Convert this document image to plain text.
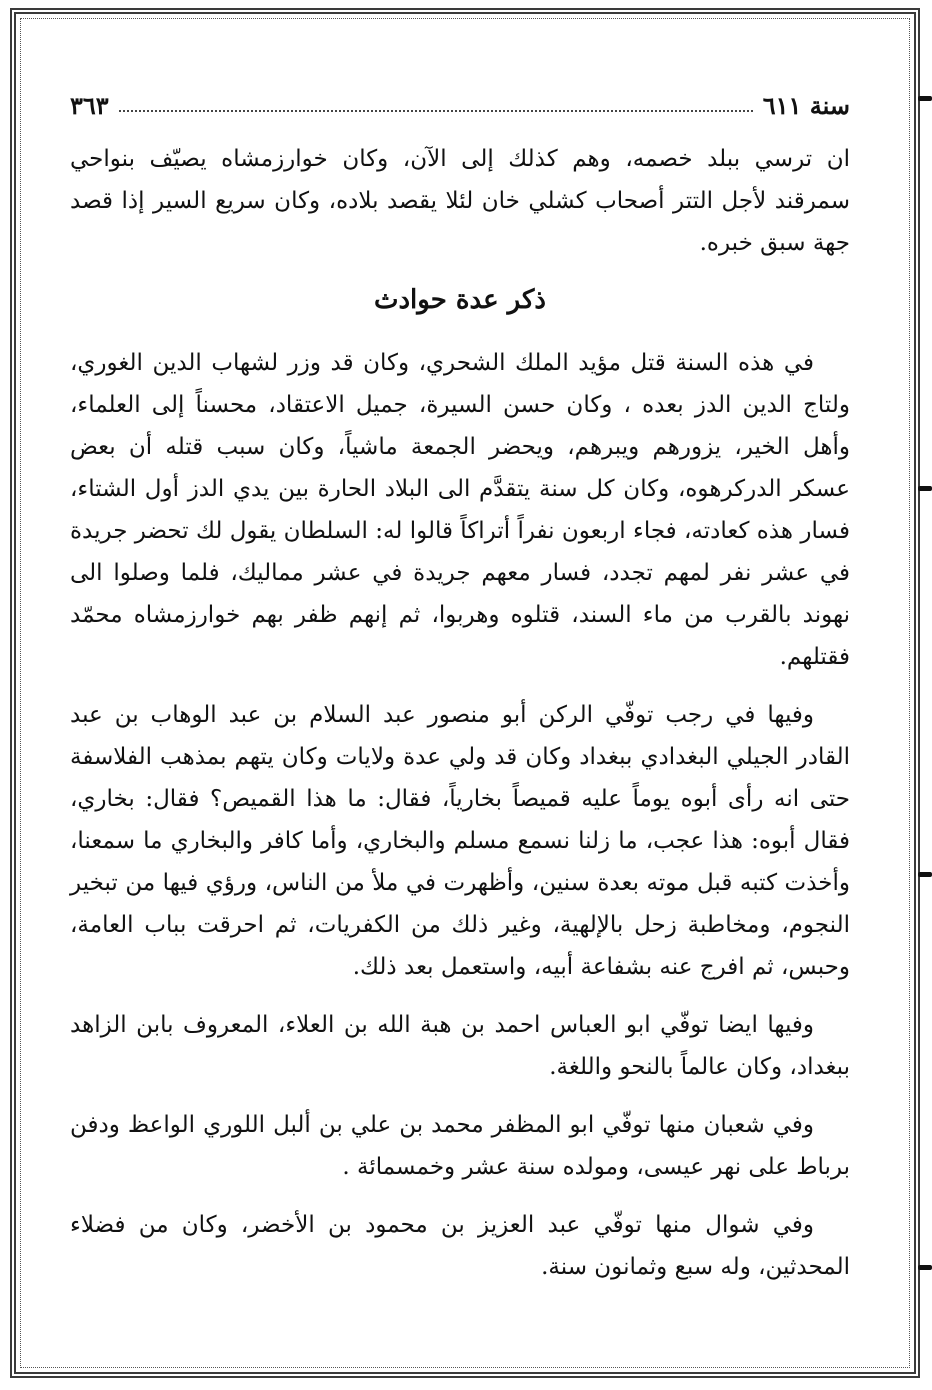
سنة ٦١١
٣٦٣

ان ترسي ببلد خصمه، وهم كذلك إلى الآن، وكان خوارزمشاه يصيّف بنواحي سمرقند لأجل التتر أصحاب كشلي خان لئلا يقصد بلاده، وكان سريع السير إذا قصد جهة سبق خبره.

ذكر عدة حوادث

في هذه السنة قتل مؤيد الملك الشحري، وكان قد وزر لشهاب الدين الغوري، ولتاج الدين الدز بعده ، وكان حسن السيرة، جميل الاعتقاد، محسناً إلى العلماء، وأهل الخير، يزورهم ويبرهم، ويحضر الجمعة ماشياً، وكان سبب قتله أن بعض عسكر الدركرهوه، وكان كل سنة يتقدَّم الى البلاد الحارة بين يدي الدز أول الشتاء، فسار هذه كعادته، فجاء اربعون نفراً أتراكاً قالوا له: السلطان يقول لك تحضر جريدة في عشر نفر لمهم تجدد، فسار معهم جريدة في عشر مماليك، فلما وصلوا الى نهوند بالقرب من ماء السند، قتلوه وهربوا، ثم إنهم ظفر بهم خوارزمشاه محمّد فقتلهم.

وفيها في رجب توفّي الركن أبو منصور عبد السلام بن عبد الوهاب بن عبد القادر الجيلي البغدادي ببغداد وكان قد ولي عدة ولايات وكان يتهم بمذهب الفلاسفة حتى انه رأى أبوه يوماً عليه قميصاً بخارياً، فقال: ما هذا القميص؟ فقال: بخاري، فقال أبوه: هذا عجب، ما زلنا نسمع مسلم والبخاري، وأما كافر والبخاري ما سمعنا، وأخذت كتبه قبل موته بعدة سنين، وأظهرت في ملأ من الناس، ورؤي فيها من تبخير النجوم، ومخاطبة زحل بالإلهية، وغير ذلك من الكفريات، ثم احرقت بباب العامة، وحبس، ثم افرج عنه بشفاعة أبيه، واستعمل بعد ذلك.

وفيها ايضا توفّي ابو العباس احمد بن هبة الله بن العلاء، المعروف بابن الزاهد ببغداد، وكان عالماً بالنحو واللغة.

وفي شعبان منها توفّي ابو المظفر محمد بن علي بن ألبل اللوري الواعظ ودفن برباط على نهر عيسى، ومولده سنة عشر وخمسمائة .

وفي شوال منها توفّي عبد العزيز بن محمود بن الأخضر، وكان من فضلاء المحدثين، وله سبع وثمانون سنة.
